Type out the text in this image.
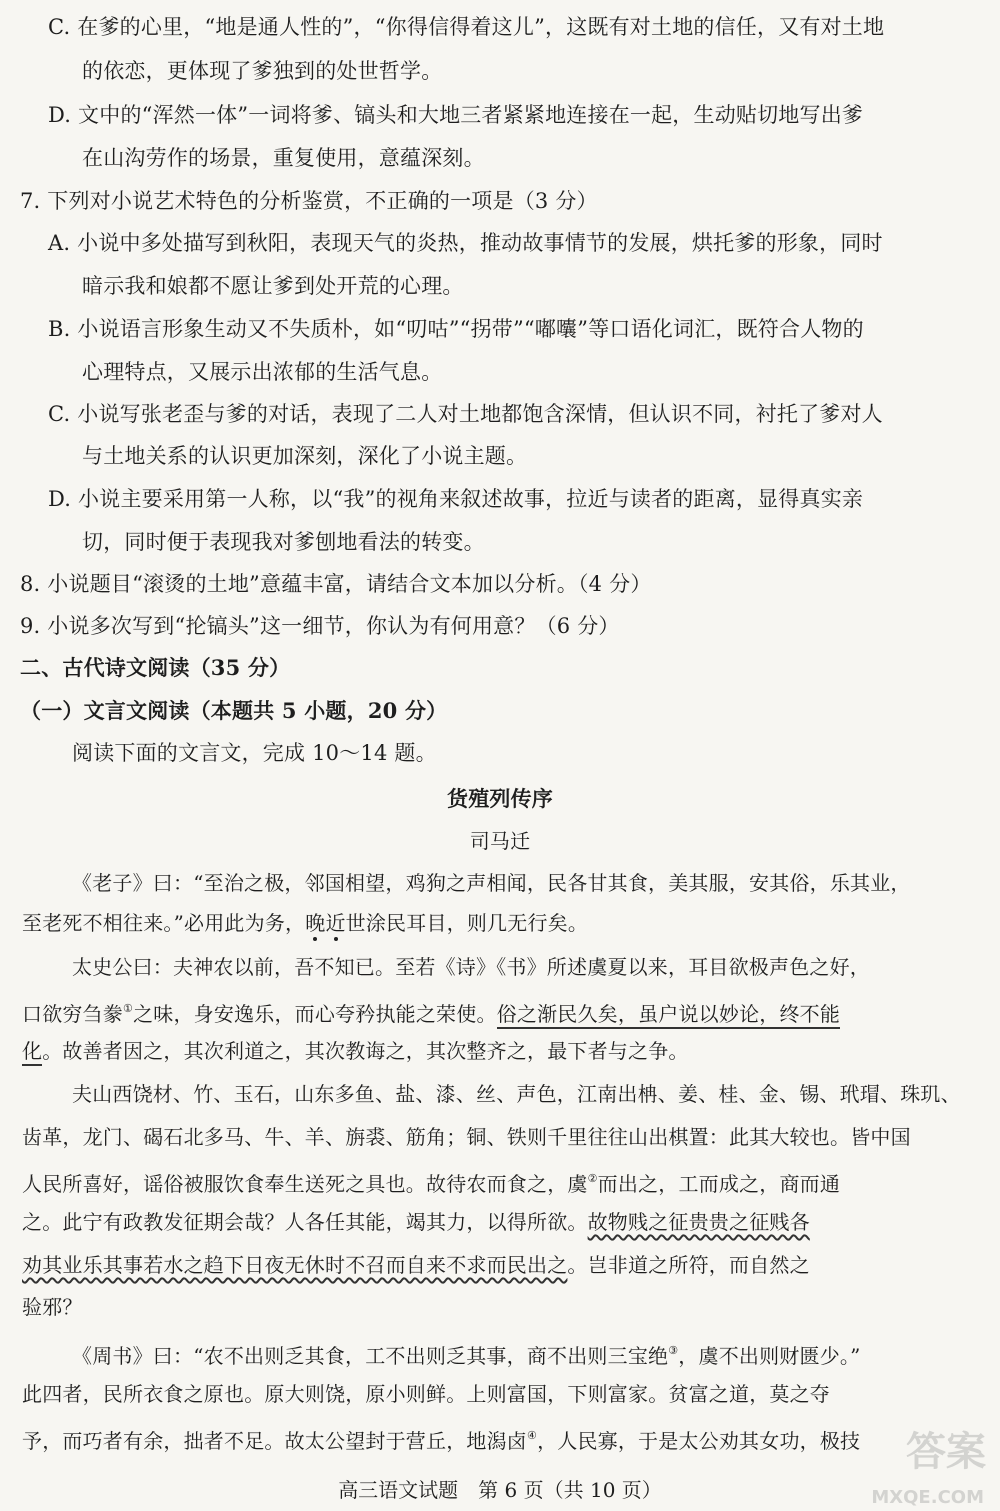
C. 在爹的心里，“地是通人性的”，“你得信得着这儿”，这既有对土地的信任，又有对土地
的依恋，更体现了爹独到的处世哲学。
D. 文中的“浑然一体”一词将爹、镐头和大地三者紧紧地连接在一起，生动贴切地写出爹
在山沟劳作的场景，重复使用，意蕴深刻。
7. 下列对小说艺术特色的分析鉴赏，不正确的一项是（3 分）
A. 小说中多处描写到秋阳，表现天气的炎热，推动故事情节的发展，烘托爹的形象，同时
暗示我和娘都不愿让爹到处开荒的心理。
B. 小说语言形象生动又不失质朴，如“叨咕”“拐带”“嘟囔”等口语化词汇，既符合人物的
心理特点，又展示出浓郁的生活气息。
C. 小说写张老歪与爹的对话，表现了二人对土地都饱含深情，但认识不同，衬托了爹对人
与土地关系的认识更加深刻，深化了小说主题。
D. 小说主要采用第一人称，以“我”的视角来叙述故事，拉近与读者的距离，显得真实亲
切，同时便于表现我对爹刨地看法的转变。
8. 小说题目“滚烫的土地”意蕴丰富，请结合文本加以分析。（4 分）
9. 小说多次写到“抡镐头”这一细节，你认为有何用意？（6 分）
二、古代诗文阅读（35 分）
（一）文言文阅读（本题共 5 小题，20 分）
阅读下面的文言文，完成 10～14 题。
货殖列传序
司马迁
《老子》曰：“至治之极，邻国相望，鸡狗之声相闻，民各甘其食，美其服，安其俗，乐其业，
至老死不相往来。”必用此为务，晚近世涂民耳目，则几无行矣。
太史公曰：夫神农以前，吾不知已。至若《诗》《书》所述虞夏以来，耳目欲极声色之好，
口欲穷刍豢①之味，身安逸乐，而心夸矜执能之荣使。俗之渐民久矣，虽户说以妙论，终不能
化。故善者因之，其次利道之，其次教诲之，其次整齐之，最下者与之争。
夫山西饶材、竹、玉石，山东多鱼、盐、漆、丝、声色，江南出柟、姜、桂、金、锡、玳瑁、珠玑、
齿革，龙门、碣石北多马、牛、羊、旃裘、筋角；铜、铁则千里往往山出棋置：此其大较也。皆中国
人民所喜好，谣俗被服饮食奉生送死之具也。故待农而食之，虞②而出之，工而成之，商而通
之。此宁有政教发征期会哉？人各任其能，竭其力，以得所欲。故物贱之征贵贵之征贱各
劝其业乐其事若水之趋下日夜无休时不召而自来不求而民出之。岂非道之所符，而自然之
验邪？
《周书》曰：“农不出则乏其食，工不出则乏其事，商不出则三宝绝③，虞不出则财匮少。”
此四者，民所衣食之原也。原大则饶，原小则鲜。上则富国，下则富家。贫富之道，莫之夺
予，而巧者有余，拙者不足。故太公望封于营丘，地潟卤④，人民寡，于是太公劝其女功，极技
高三语文试题　第 6 页（共 10 页）
答案
MXQE.COM
